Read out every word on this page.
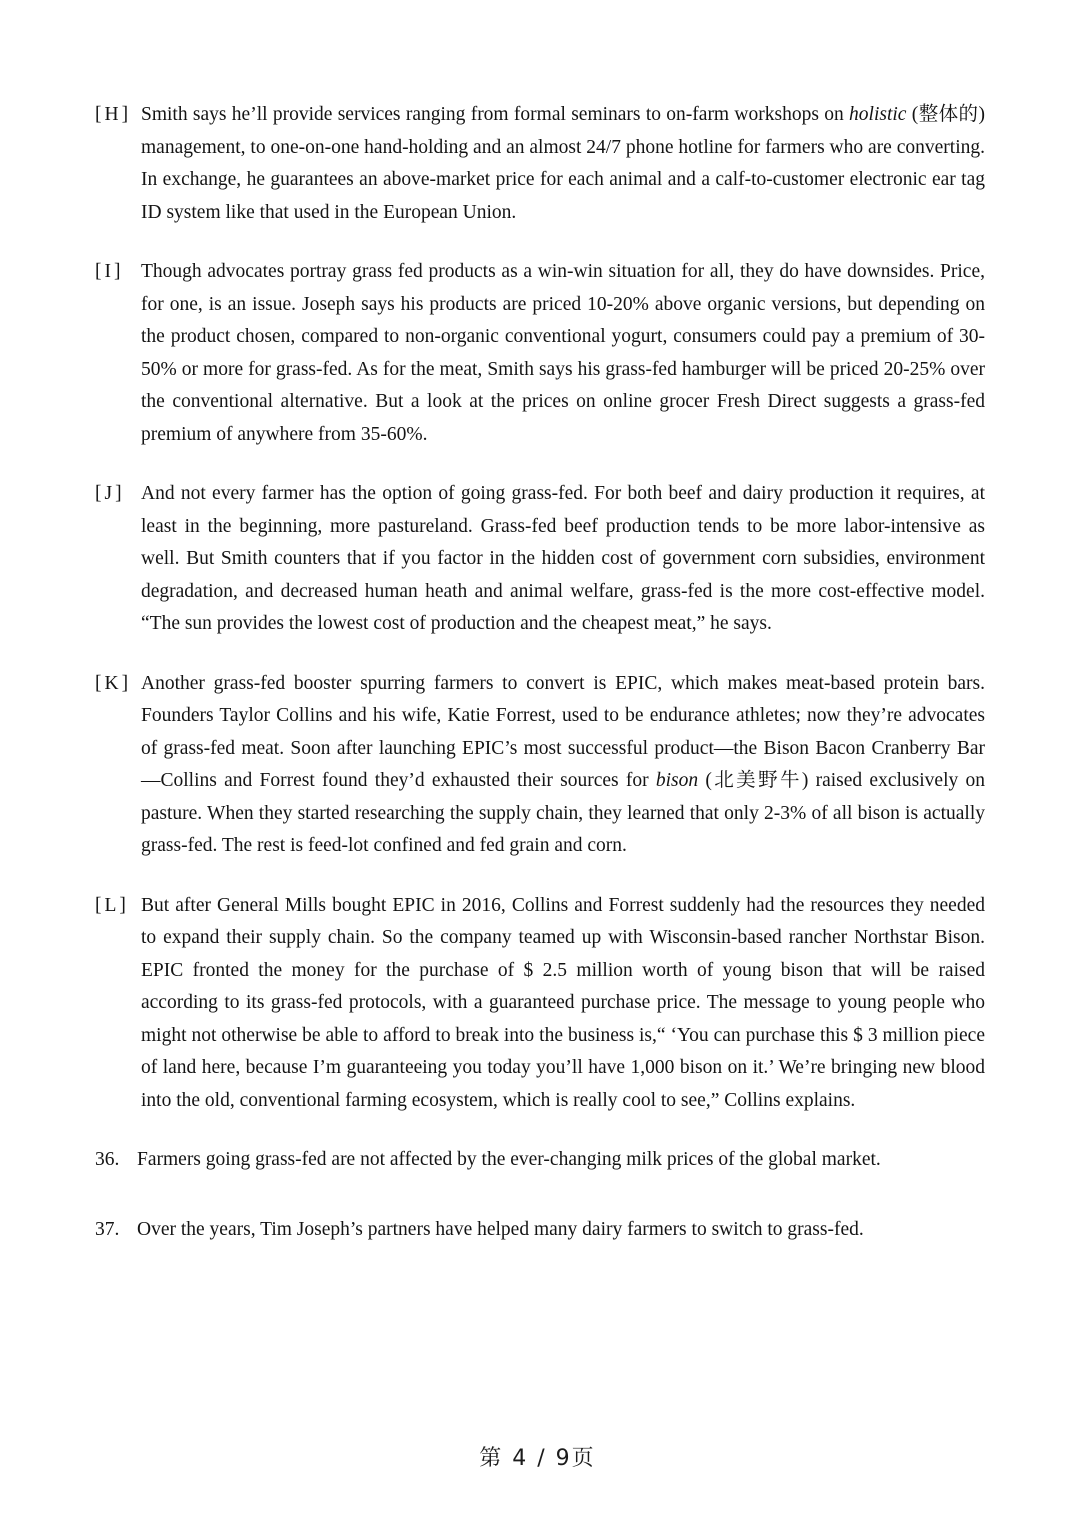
[H] Smith says he’ll provide services ranging from formal seminars to on-farm workshops on holistic (整体的) management, to one-on-one hand-holding and an almost 24/7 phone hotline for farmers who are converting. In exchange, he guarantees an above-market price for each animal and a calf-to-customer electronic ear tag ID system like that used in the European Union.
[I] Though advocates portray grass fed products as a win-win situation for all, they do have downsides. Price, for one, is an issue. Joseph says his products are priced 10-20% above organic versions, but depending on the product chosen, compared to non-organic conventional yogurt, consumers could pay a premium of 30-50% or more for grass-fed. As for the meat, Smith says his grass-fed hamburger will be priced 20-25% over the conventional alternative. But a look at the prices on online grocer Fresh Direct suggests a grass-fed premium of anywhere from 35-60%.
[J] And not every farmer has the option of going grass-fed. For both beef and dairy production it requires, at least in the beginning, more pastureland. Grass-fed beef production tends to be more labor-intensive as well. But Smith counters that if you factor in the hidden cost of government corn subsidies, environment degradation, and decreased human heath and animal welfare, grass-fed is the more cost-effective model. “The sun provides the lowest cost of production and the cheapest meat,” he says.
[K] Another grass-fed booster spurring farmers to convert is EPIC, which makes meat-based protein bars. Founders Taylor Collins and his wife, Katie Forrest, used to be endurance athletes; now they’re advocates of grass-fed meat. Soon after launching EPIC’s most successful product—the Bison Bacon Cranberry Bar—Collins and Forrest found they’d exhausted their sources for bison (北美野牛) raised exclusively on pasture. When they started researching the supply chain, they learned that only 2-3% of all bison is actually grass-fed. The rest is feed-lot confined and fed grain and corn.
[L] But after General Mills bought EPIC in 2016, Collins and Forrest suddenly had the resources they needed to expand their supply chain. So the company teamed up with Wisconsin-based rancher Northstar Bison. EPIC fronted the money for the purchase of $ 2.5 million worth of young bison that will be raised according to its grass-fed protocols, with a guaranteed purchase price. The message to young people who might not otherwise be able to afford to break into the business is,“ ‘You can purchase this $ 3 million piece of land here, because I’m guaranteeing you today you’ll have 1,000 bison on it.’ We’re bringing new blood into the old, conventional farming ecosystem, which is really cool to see,” Collins explains.
36. Farmers going grass-fed are not affected by the ever-changing milk prices of the global market.
37. Over the years, Tim Joseph’s partners have helped many dairy farmers to switch to grass-fed.
第 4 / 9页
